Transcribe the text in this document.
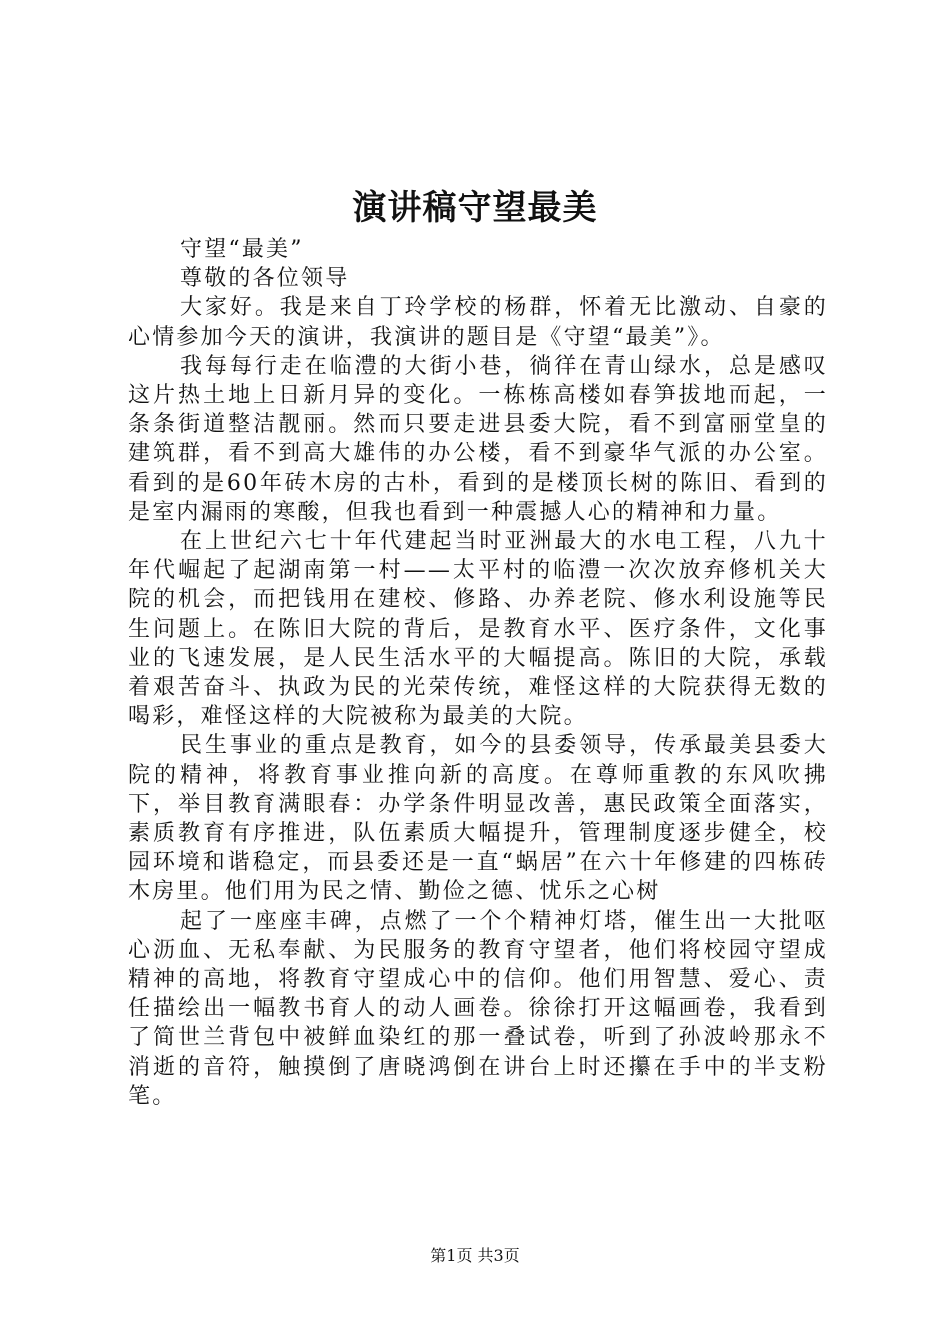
演讲稿守望最美

守望“最美”

尊敬的各位领导

大家好。我是来自丁玲学校的杨群，怀着无比激动、自豪的心情参加今天的演讲，我演讲的题目是《守望“最美”》。

我每每行走在临澧的大街小巷，徜徉在青山绿水，总是感叹这片热土地上日新月异的变化。一栋栋高楼如春笋拔地而起，一条条街道整洁靓丽。然而只要走进县委大院，看不到富丽堂皇的建筑群，看不到高大雄伟的办公楼，看不到豪华气派的办公室。看到的是60年砖木房的古朴，看到的是楼顶长树的陈旧、看到的是室内漏雨的寒酸，但我也看到一种震撼人心的精神和力量。

在上世纪六七十年代建起当时亚洲最大的水电工程，八九十年代崛起了起湖南第一村——太平村的临澧一次次放弃修机关大院的机会，而把钱用在建校、修路、办养老院、修水利设施等民生问题上。在陈旧大院的背后，是教育水平、医疗条件，文化事业的飞速发展，是人民生活水平的大幅提高。陈旧的大院，承载着艰苦奋斗、执政为民的光荣传统，难怪这样的大院获得无数的喝彩，难怪这样的大院被称为最美的大院。

民生事业的重点是教育，如今的县委领导，传承最美县委大院的精神，将教育事业推向新的高度。在尊师重教的东风吹拂下，举目教育满眼春：办学条件明显改善，惠民政策全面落实，素质教育有序推进，队伍素质大幅提升，管理制度逐步健全，校园环境和谐稳定，而县委还是一直“蜗居”在六十年修建的四栋砖木房里。他们用为民之情、勤俭之德、忧乐之心树

起了一座座丰碑，点燃了一个个精神灯塔，催生出一大批呕心沥血、无私奉献、为民服务的教育守望者，他们将校园守望成精神的高地，将教育守望成心中的信仰。他们用智慧、爱心、责任描绘出一幅教书育人的动人画卷。徐徐打开这幅画卷，我看到了简世兰背包中被鲜血染红的那一叠试卷，听到了孙波岭那永不消逝的音符，触摸倒了唐晓鸿倒在讲台上时还攥在手中的半支粉笔。

第1页 共3页
